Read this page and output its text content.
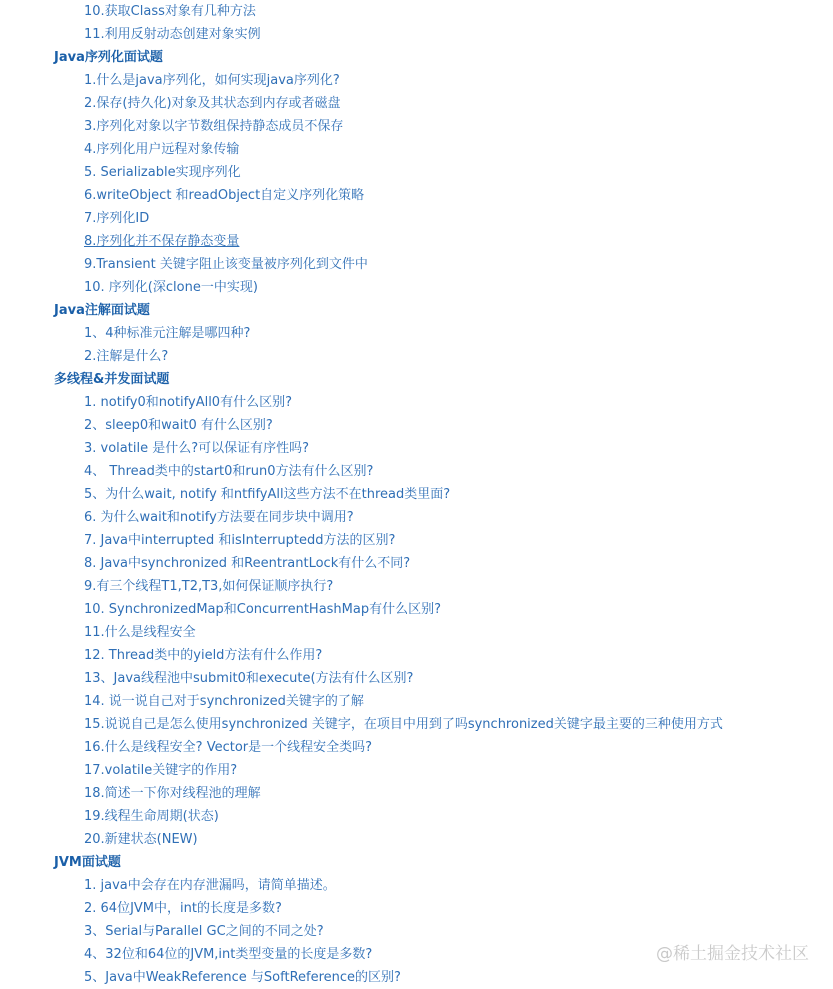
10.获取Class对象有几种方法
11.利用反射动态创建对象实例
Java序列化面试题
1.什么是java序列化，如何实现java序列化?
2.保存(持久化)对象及其状态到内存或者磁盘
3.序列化对象以字节数组保持静态成员不保存
4.序列化用户远程对象传输
5. Serializable实现序列化
6.writeObject 和readObject自定义序列化策略
7.序列化ID
8.序列化并不保存静态变量
9.Transient 关键字阻止该变量被序列化到文件中
10. 序列化(深clone一中实现)
Java注解面试题
1、4种标准元注解是哪四种?
2.注解是什么?
多线程&并发面试题
1. notify0和notifyAll0有什么区别?
2、sleep0和wait0 有什么区别?
3. volatile 是什么?可以保证有序性吗?
4、 Thread类中的start0和run0方法有什么区别?
5、为什么wait, notify 和ntfifyAll这些方法不在thread类里面?
6. 为什么wait和notify方法要在同步块中调用?
7. Java中interrupted 和isInterruptedd方法的区别?
8. Java中synchronized 和ReentrantLock有什么不同?
9.有三个线程T1,T2,T3,如何保证顺序执行?
10. SynchronizedMap和ConcurrentHashMap有什么区别?
11.什么是线程安全
12. Thread类中的yield方法有什么作用?
13、Java线程池中submit0和execute(方法有什么区别?
14. 说一说自己对于synchronized关键字的了解
15.说说自己是怎么使用synchronized 关键字，在项目中用到了吗synchronized关键字最主要的三种使用方式
16.什么是线程安全? Vector是一个线程安全类吗?
17.volatile关键字的作用?
18.简述一下你对线程池的理解
19.线程生命周期(状态)
20.新建状态(NEW)
JVM面试题
1. java中会存在内存泄漏吗，请简单描述。
2. 64位JVM中，int的长度是多数?
3、Serial与Parallel GC之间的不同之处?
4、32位和64位的JVM,int类型变量的长度是多数?
5、Java中WeakReference 与SoftReference的区别?
@稀土掘金技术社区
